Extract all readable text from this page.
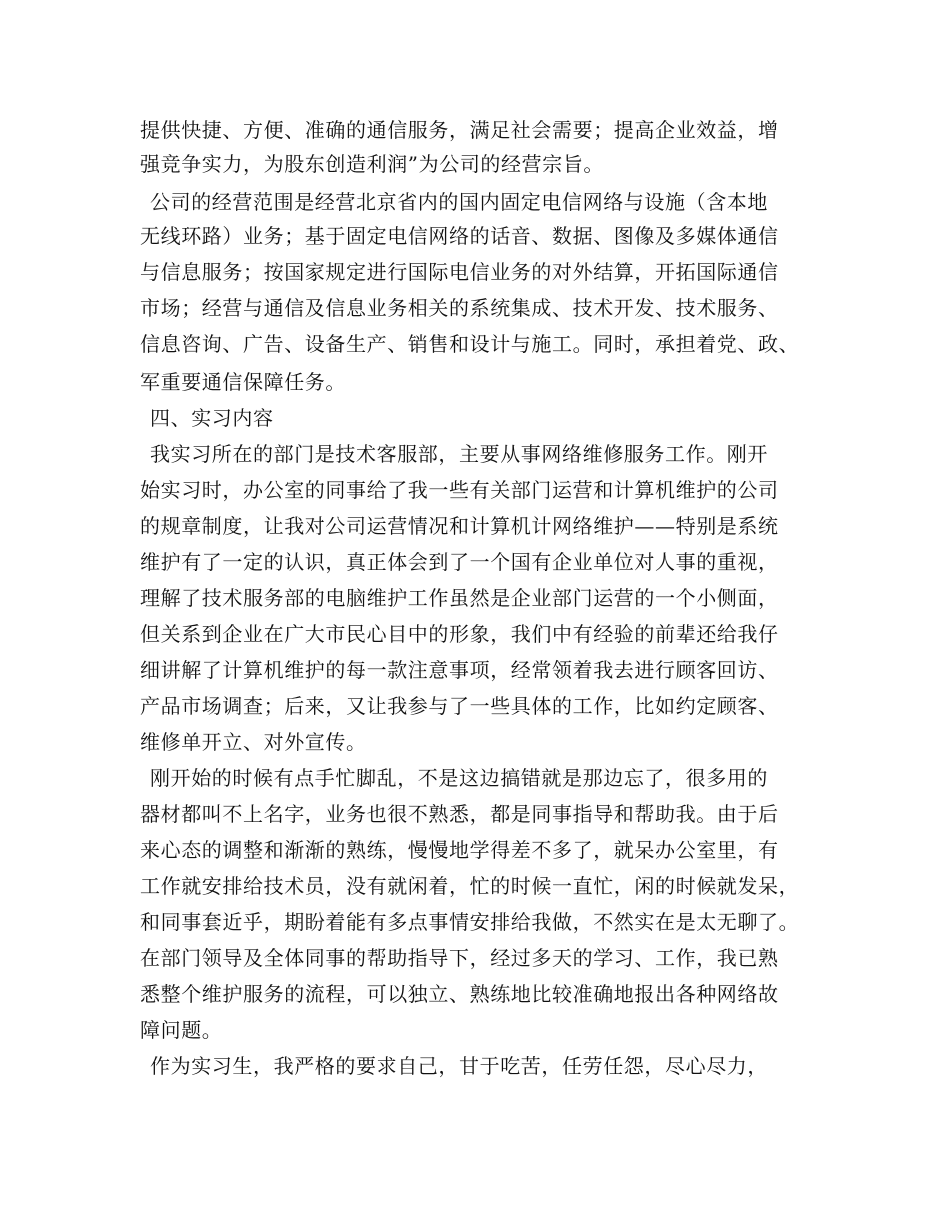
提供快捷、方便、准确的通信服务，满足社会需要；提高企业效益，增
强竞争实力，为股东创造利润”为公司的经营宗旨。
公司的经营范围是经营北京省内的国内固定电信网络与设施（含本地
无线环路）业务；基于固定电信网络的话音、数据、图像及多媒体通信
与信息服务；按国家规定进行国际电信业务的对外结算，开拓国际通信
市场；经营与通信及信息业务相关的系统集成、技术开发、技术服务、
信息咨询、广告、设备生产、销售和设计与施工。同时，承担着党、政、
军重要通信保障任务。
四、实习内容
我实习所在的部门是技术客服部，主要从事网络维修服务工作。刚开
始实习时，办公室的同事给了我一些有关部门运营和计算机维护的公司
的规章制度，让我对公司运营情况和计算机计网络维护——特别是系统
维护有了一定的认识，真正体会到了一个国有企业单位对人事的重视，
理解了技术服务部的电脑维护工作虽然是企业部门运营的一个小侧面，
但关系到企业在广大市民心目中的形象，我们中有经验的前辈还给我仔
细讲解了计算机维护的每一款注意事项，经常领着我去进行顾客回访、
产品市场调查；后来，又让我参与了一些具体的工作，比如约定顾客、
维修单开立、对外宣传。
刚开始的时候有点手忙脚乱，不是这边搞错就是那边忘了，很多用的
器材都叫不上名字，业务也很不熟悉，都是同事指导和帮助我。由于后
来心态的调整和渐渐的熟练，慢慢地学得差不多了，就呆办公室里，有
工作就安排给技术员，没有就闲着，忙的时候一直忙，闲的时候就发呆，
和同事套近乎，期盼着能有多点事情安排给我做，不然实在是太无聊了。
在部门领导及全体同事的帮助指导下，经过多天的学习、工作，我已熟
悉整个维护服务的流程，可以独立、熟练地比较准确地报出各种网络故
障问题。
作为实习生，我严格的要求自己，甘于吃苦，任劳任怨，尽心尽力，
